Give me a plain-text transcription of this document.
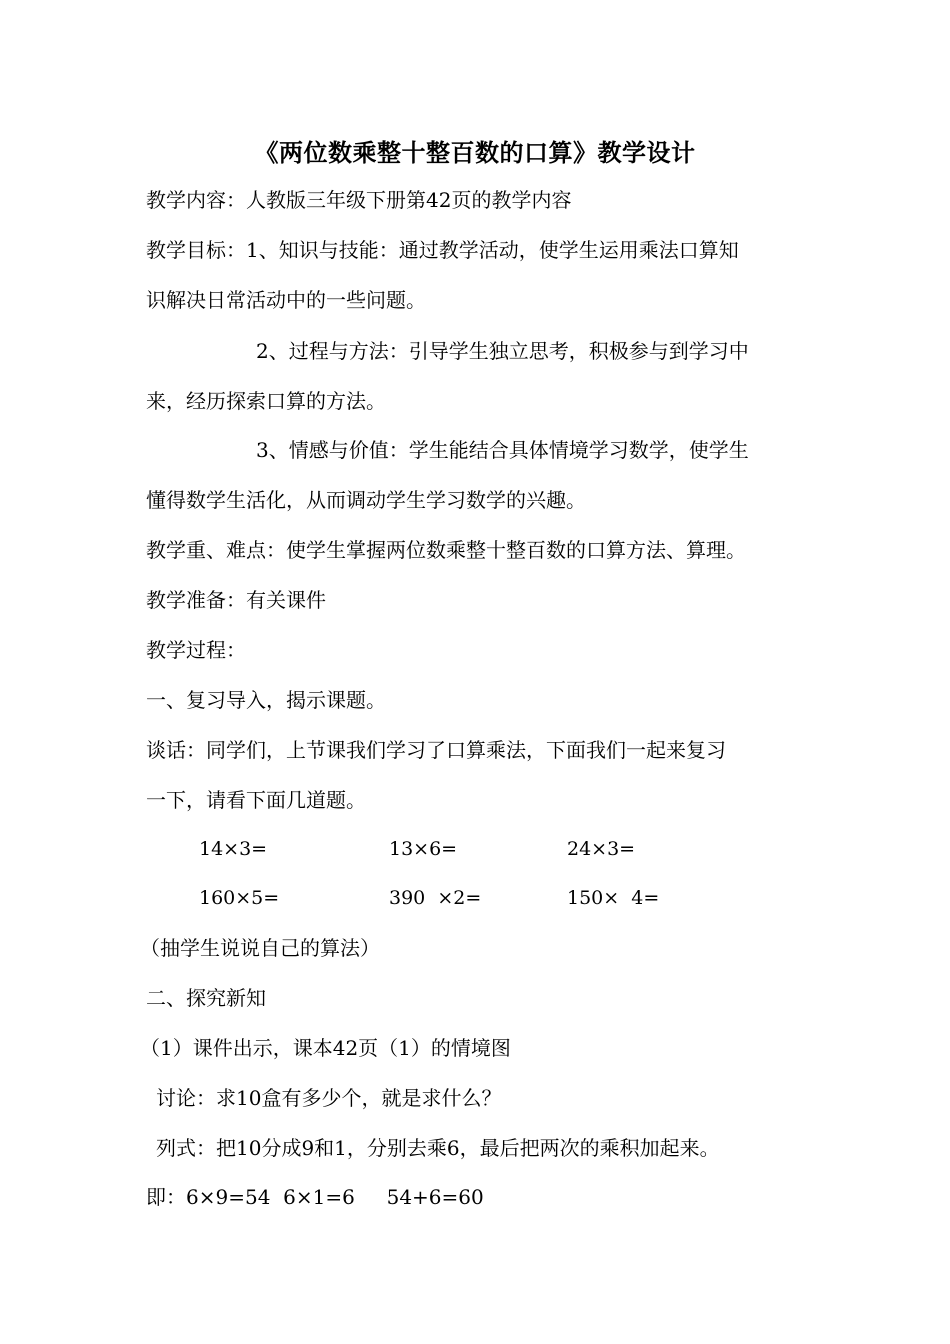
《两位数乘整十整百数的口算》教学设计
教学内容：人教版三年级下册第42页的教学内容
教学目标：1、知识与技能：通过教学活动，使学生运用乘法口算知
识解决日常活动中的一些问题。
2、过程与方法：引导学生独立思考，积极参与到学习中
来，经历探索口算的方法。
3、情感与价值：学生能结合具体情境学习数学，使学生
懂得数学生活化，从而调动学生学习数学的兴趣。
教学重、难点：使学生掌握两位数乘整十整百数的口算方法、算理。
教学准备：有关课件
教学过程：
一、复习导入，揭示课题。
谈话：同学们，上节课我们学习了口算乘法，下面我们一起来复习
一下，请看下面几道题。
14×3=	13×6=	24×3=
160×5=	390  ×2=	150×  4=
（抽学生说说自己的算法）
二、探究新知
（1）课件出示，课本42页（1）的情境图
讨论：求10盒有多少个，就是求什么？
列式：把10分成9和1，分别去乘6，最后把两次的乘积加起来。
即：6×9=54  6×1=6     54+6=60
